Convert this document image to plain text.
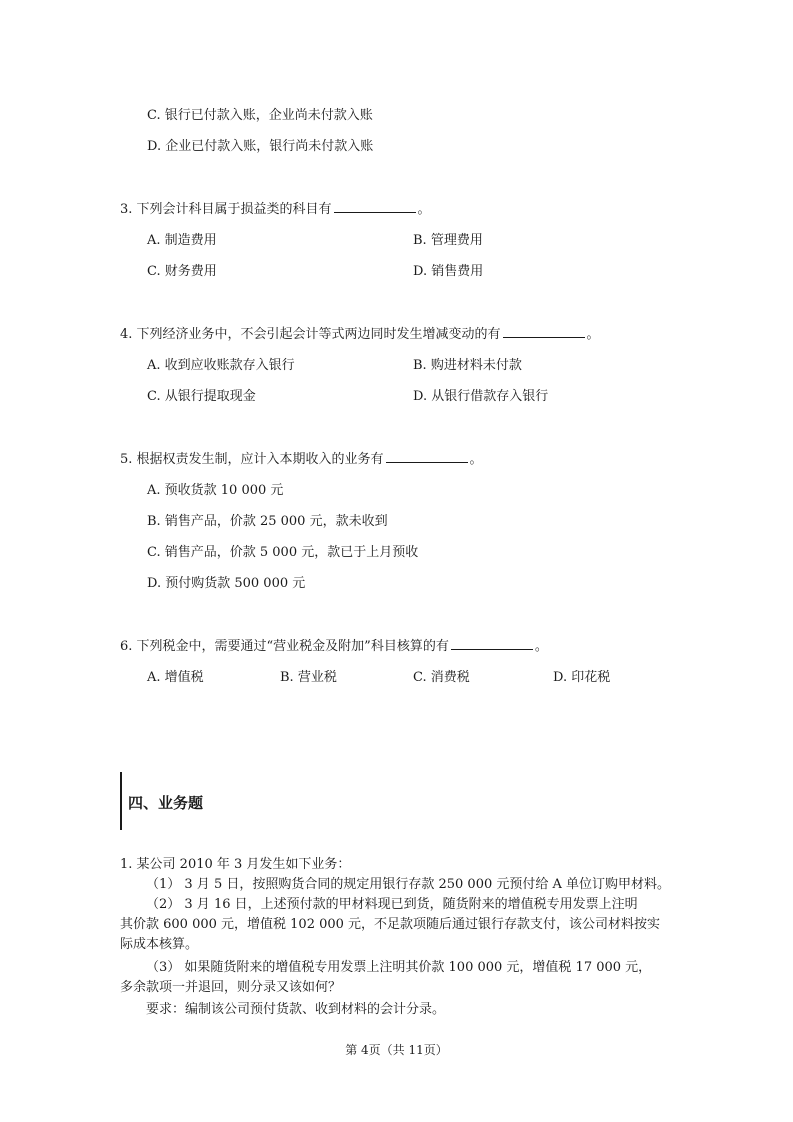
C. 银行已付款入账，企业尚未付款入账
D. 企业已付款入账，银行尚未付款入账
3. 下列会计科目属于损益类的科目有	。
A. 制造费用	B. 管理费用
C. 财务费用	D. 销售费用
4. 下列经济业务中，不会引起会计等式两边同时发生增减变动的有	。
A. 收到应收账款存入银行	B. 购进材料未付款
C. 从银行提取现金	D. 从银行借款存入银行
5. 根据权责发生制，应计入本期收入的业务有	。
A. 预收货款 10 000 元
B. 销售产品，价款 25 000 元，款未收到
C. 销售产品，价款 5 000 元，款已于上月预收
D. 预付购货款 500 000 元
6. 下列税金中，需要通过“营业税金及附加”科目核算的有	。
A. 增值税	B. 营业税	C. 消费税	D. 印花税
四、业务题
1. 某公司 2010 年 3 月发生如下业务：
（1） 3 月 5 日，按照购货合同的规定用银行存款 250 000 元预付给 A 单位订购甲材料。
（2） 3 月 16 日，上述预付款的甲材料现已到货，随货附来的增值税专用发票上注明
其价款 600 000 元，增值税 102 000 元，不足款项随后通过银行存款支付，该公司材料按实
际成本核算。
（3） 如果随货附来的增值税专用发票上注明其价款 100 000 元，增值税 17 000 元，
多余款项一并退回，则分录又该如何？
要求：编制该公司预付货款、收到材料的会计分录。
第 4页（共 11页）
